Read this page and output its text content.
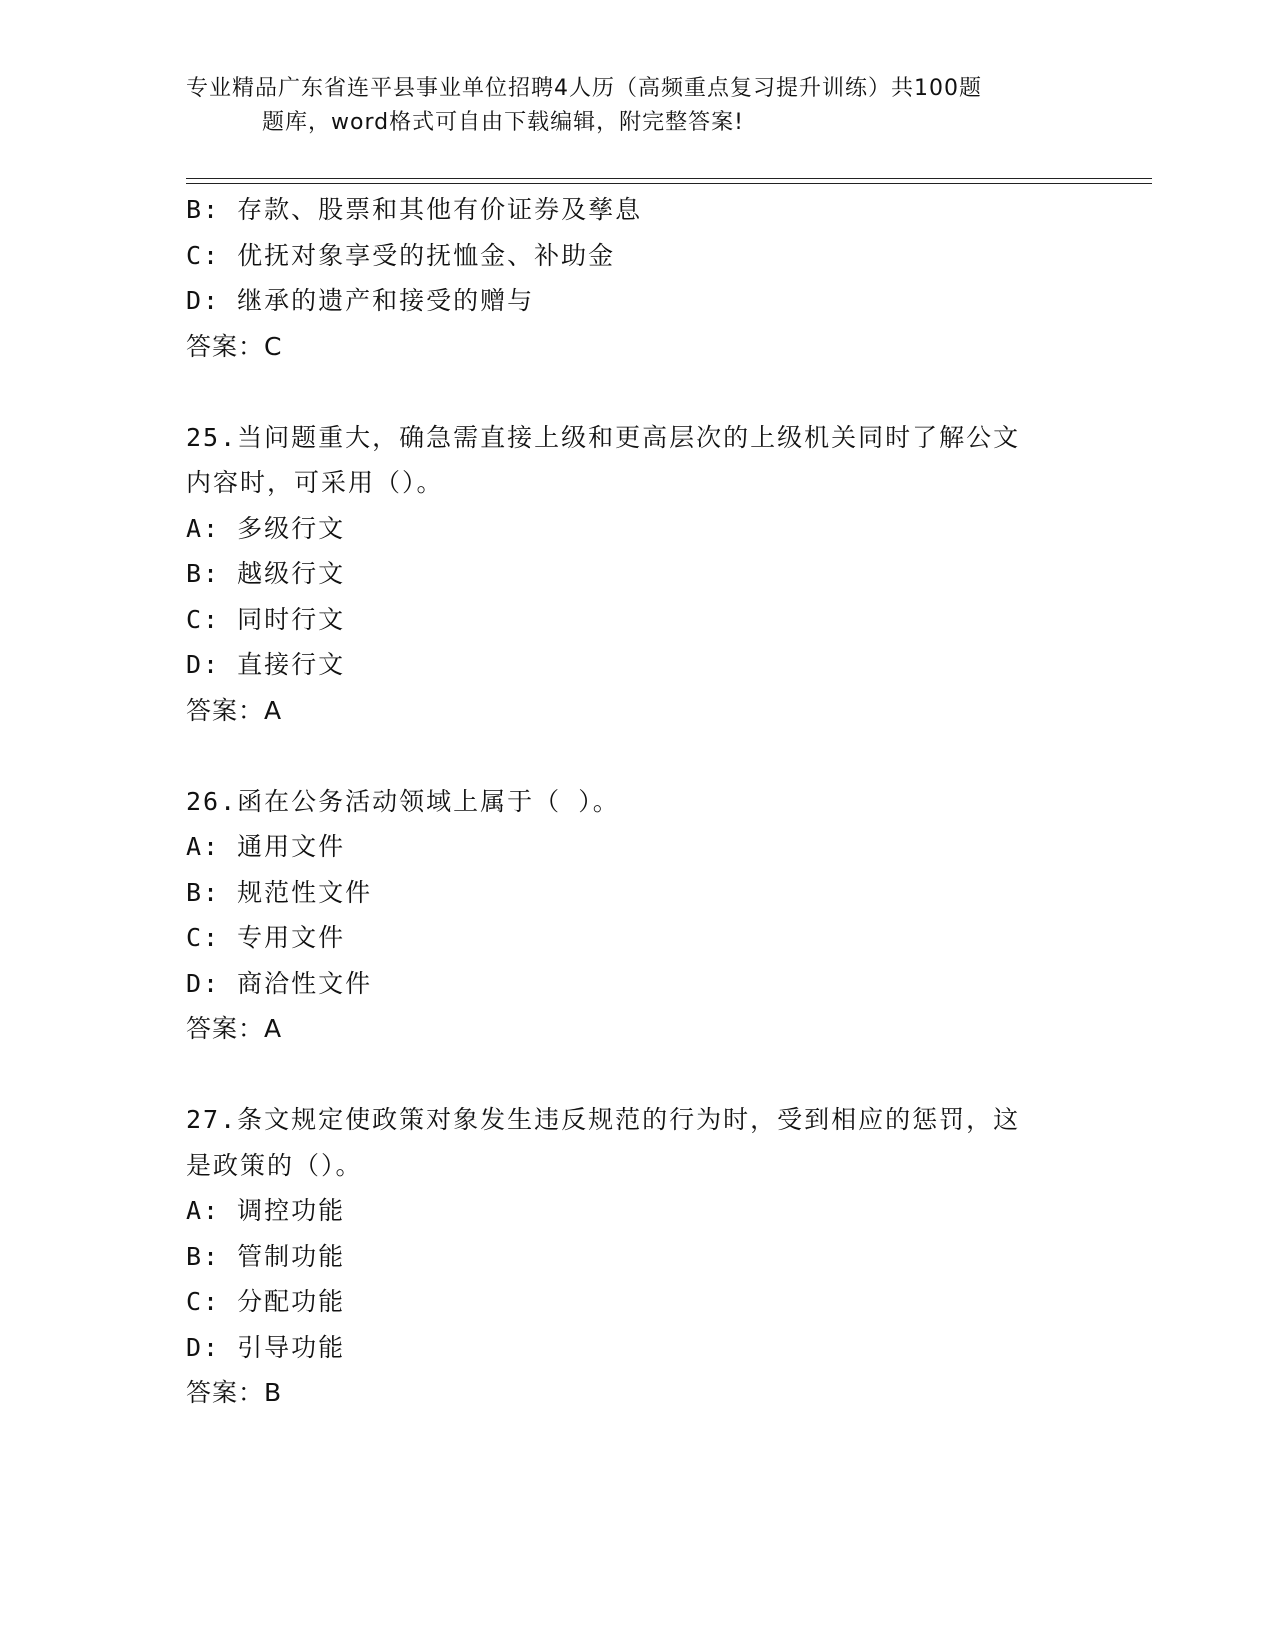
专业精品广东省连平县事业单位招聘4人历（高频重点复习提升训练）共100题
题库，word格式可自由下载编辑，附完整答案!
B: 存款、股票和其他有价证券及孳息
C: 优抚对象享受的抚恤金、补助金
D: 继承的遗产和接受的赠与
答案：C
25.当问题重大，确急需直接上级和更高层次的上级机关同时了解公文
内容时，可采用（）。
A: 多级行文
B: 越级行文
C: 同时行文
D: 直接行文
答案：A
26.函在公务活动领域上属于（ ）。
A: 通用文件
B: 规范性文件
C: 专用文件
D: 商洽性文件
答案：A
27.条文规定使政策对象发生违反规范的行为时，受到相应的惩罚，这
是政策的（）。
A: 调控功能
B: 管制功能
C: 分配功能
D: 引导功能
答案：B
